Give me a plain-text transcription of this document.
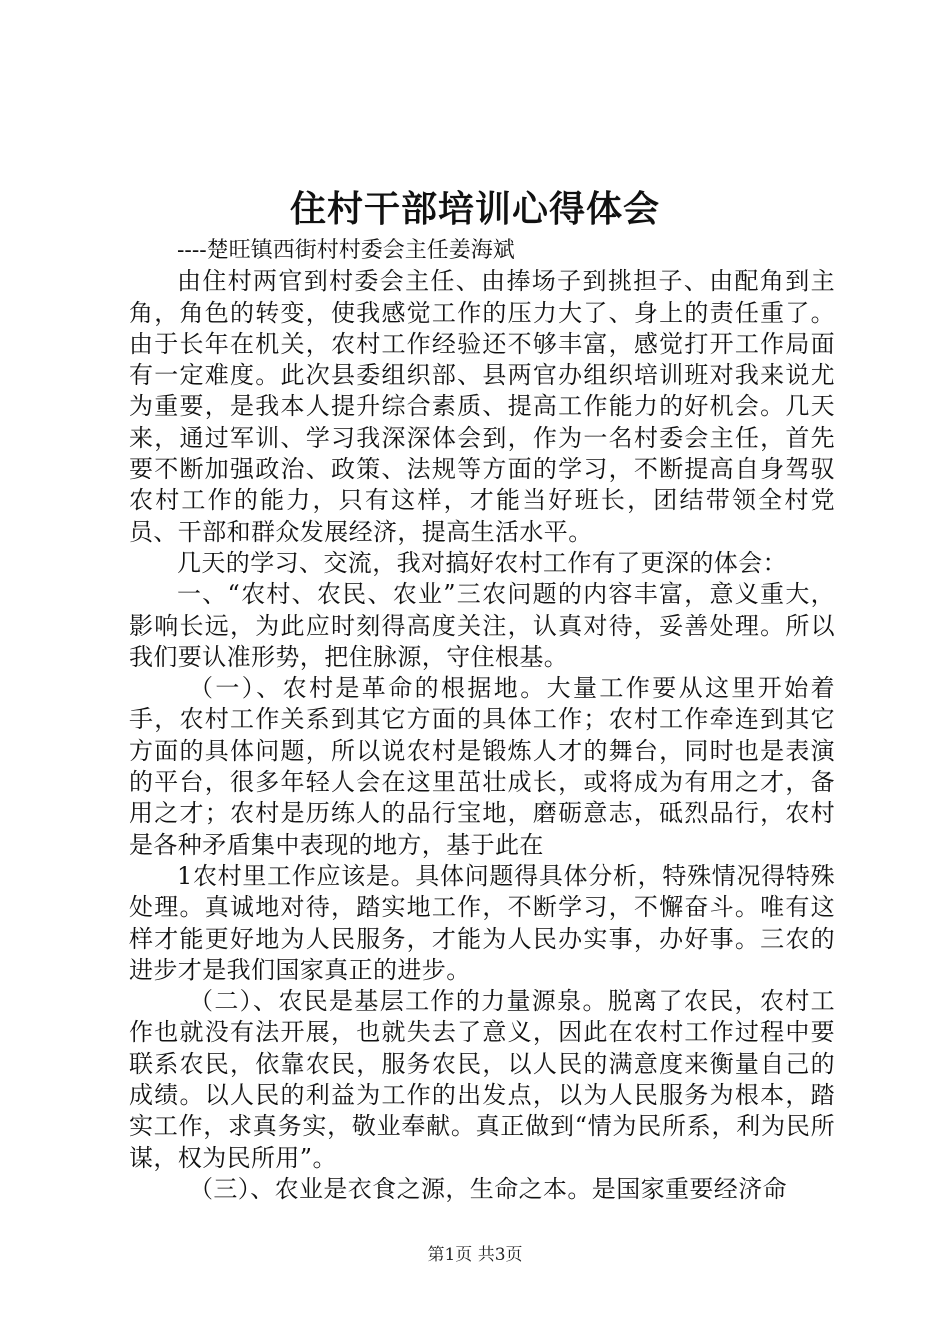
住村干部培训心得体会

----楚旺镇西街村村委会主任姜海斌

由住村两官到村委会主任、由捧场子到挑担子、由配角到主角，角色的转变，使我感觉工作的压力大了、身上的责任重了。由于长年在机关，农村工作经验还不够丰富，感觉打开工作局面有一定难度。此次县委组织部、县两官办组织培训班对我来说尤为重要，是我本人提升综合素质、提高工作能力的好机会。几天来，通过军训、学习我深深体会到，作为一名村委会主任，首先要不断加强政治、政策、法规等方面的学习，不断提高自身驾驭农村工作的能力，只有这样，才能当好班长，团结带领全村党员、干部和群众发展经济，提高生活水平。

几天的学习、交流，我对搞好农村工作有了更深的体会：

一、“农村、农民、农业”三农问题的内容丰富，意义重大，影响长远，为此应时刻得高度关注，认真对待，妥善处理。所以我们要认准形势，把住脉源，守住根基。

（一）、农村是革命的根据地。大量工作要从这里开始着手，农村工作关系到其它方面的具体工作；农村工作牵连到其它方面的具体问题，所以说农村是锻炼人才的舞台，同时也是表演的平台，很多年轻人会在这里茁壮成长，或将成为有用之才，备用之才；农村是历练人的品行宝地，磨砺意志，砥烈品行，农村是各种矛盾集中表现的地方，基于此在

1农村里工作应该是。具体问题得具体分析，特殊情况得特殊处理。真诚地对待，踏实地工作，不断学习，不懈奋斗。唯有这样才能更好地为人民服务，才能为人民办实事，办好事。三农的进步才是我们国家真正的进步。

（二）、农民是基层工作的力量源泉。脱离了农民，农村工作也就没有法开展，也就失去了意义，因此在农村工作过程中要联系农民，依靠农民，服务农民，以人民的满意度来衡量自己的成绩。以人民的利益为工作的出发点，以为人民服务为根本，踏实工作，求真务实，敬业奉献。真正做到“情为民所系，利为民所谋，权为民所用”。

（三）、农业是衣食之源，生命之本。是国家重要经济命

第1页 共3页
